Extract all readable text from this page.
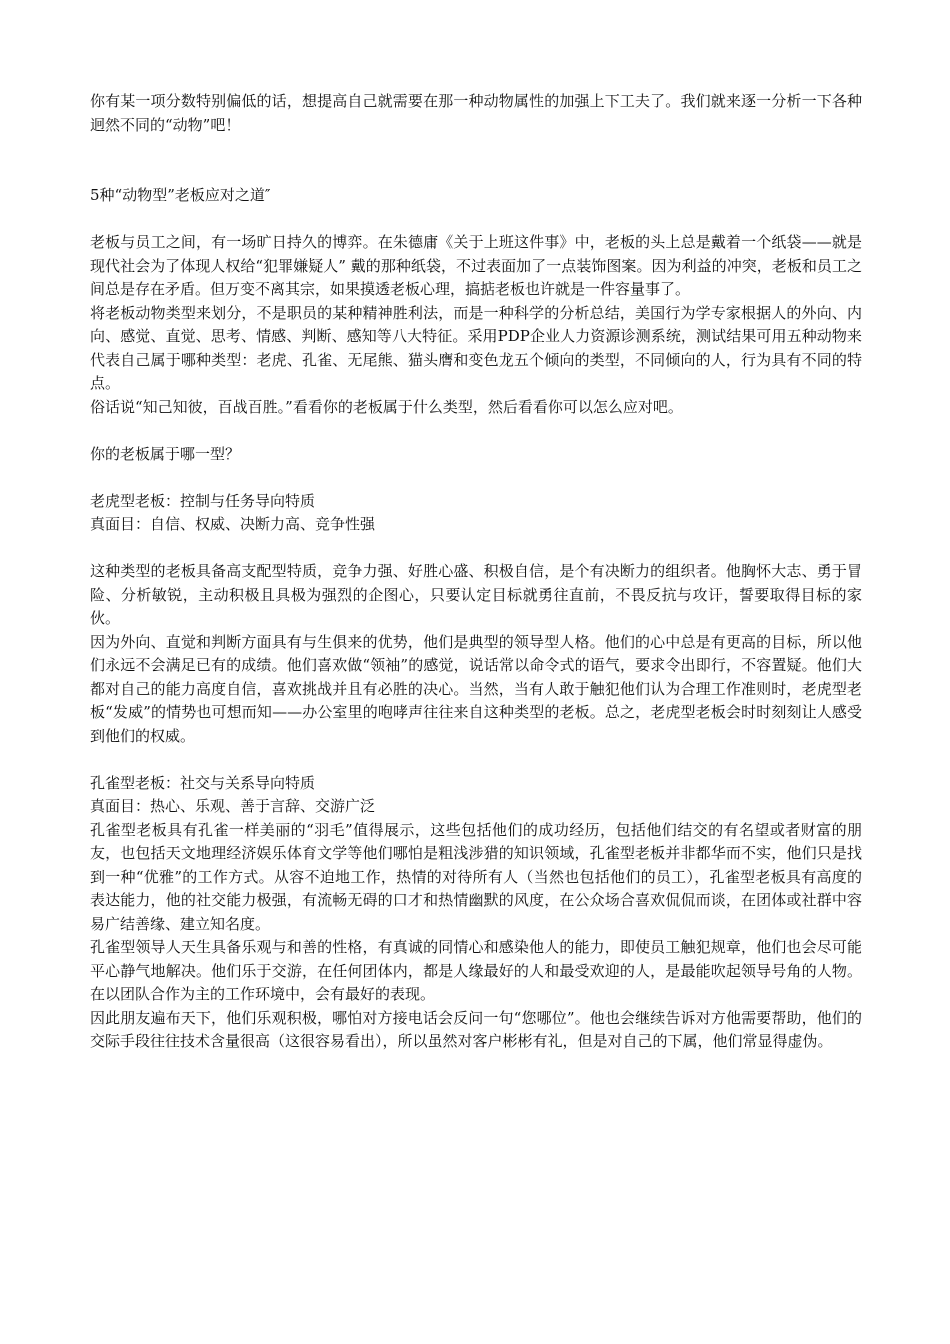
你有某一项分数特别偏低的话，想提高自己就需要在那一种动物属性的加强上下工夫了。我们就来逐一分析一下各种迥然不同的“动物”吧！

5种“动物型”老板应对之道″

老板与员工之间，有一场旷日持久的博弈。在朱德庸《关于上班这件事》中，老板的头上总是戴着一个纸袋——就是现代社会为了体现人权给“犯罪嫌疑人” 戴的那种纸袋，不过表面加了一点装饰图案。因为利益的冲突，老板和员工之间总是存在矛盾。但万变不离其宗，如果摸透老板心理，搞掂老板也许就是一件容量事了。

将老板动物类型来划分，不是职员的某种精神胜利法，而是一种科学的分析总结，美国行为学专家根据人的外向、内向、感觉、直觉、思考、情感、判断、感知等八大特征。采用PDP企业人力资源诊测系统，测试结果可用五种动物来代表自己属于哪种类型：老虎、孔雀、无尾熊、猫头膺和变色龙五个倾向的类型，不同倾向的人，行为具有不同的特点。

俗话说“知己知彼，百战百胜。”看看你的老板属于什么类型，然后看看你可以怎么应对吧。

你的老板属于哪一型？

老虎型老板：控制与任务导向特质

真面目：自信、权威、决断力高、竞争性强

这种类型的老板具备高支配型特质，竞争力强、好胜心盛、积极自信，是个有决断力的组织者。他胸怀大志、勇于冒险、分析敏锐，主动积极且具极为强烈的企图心，只要认定目标就勇往直前，不畏反抗与攻讦，誓要取得目标的家伙。

因为外向、直觉和判断方面具有与生俱来的优势，他们是典型的领导型人格。他们的心中总是有更高的目标，所以他们永远不会满足已有的成绩。他们喜欢做“领袖”的感觉，说话常以命令式的语气，要求令出即行，不容置疑。他们大都对自己的能力高度自信，喜欢挑战并且有必胜的决心。当然，当有人敢于触犯他们认为合理工作准则时，老虎型老板“发威”的情势也可想而知——办公室里的咆哮声往往来自这种类型的老板。总之，老虎型老板会时时刻刻让人感受到他们的权威。

孔雀型老板：社交与关系导向特质

真面目：热心、乐观、善于言辞、交游广泛

孔雀型老板具有孔雀一样美丽的“羽毛”值得展示，这些包括他们的成功经历，包括他们结交的有名望或者财富的朋友，也包括天文地理经济娱乐体育文学等他们哪怕是粗浅涉猎的知识领域，孔雀型老板并非都华而不实，他们只是找到一种“优雅”的工作方式。从容不迫地工作，热情的对待所有人（当然也包括他们的员工），孔雀型老板具有高度的表达能力，他的社交能力极强，有流畅无碍的口才和热情幽默的风度，在公众场合喜欢侃侃而谈，在团体或社群中容易广结善缘、建立知名度。

孔雀型领导人天生具备乐观与和善的性格，有真诚的同情心和感染他人的能力，即使员工触犯规章，他们也会尽可能平心静气地解决。他们乐于交游，在任何团体内，都是人缘最好的人和最受欢迎的人，是最能吹起领导号角的人物。在以团队合作为主的工作环境中，会有最好的表现。

因此朋友遍布天下，他们乐观积极，哪怕对方接电话会反问一句“您哪位”。他也会继续告诉对方他需要帮助，他们的交际手段往往技术含量很高（这很容易看出），所以虽然对客户彬彬有礼，但是对自己的下属，他们常显得虚伪。
